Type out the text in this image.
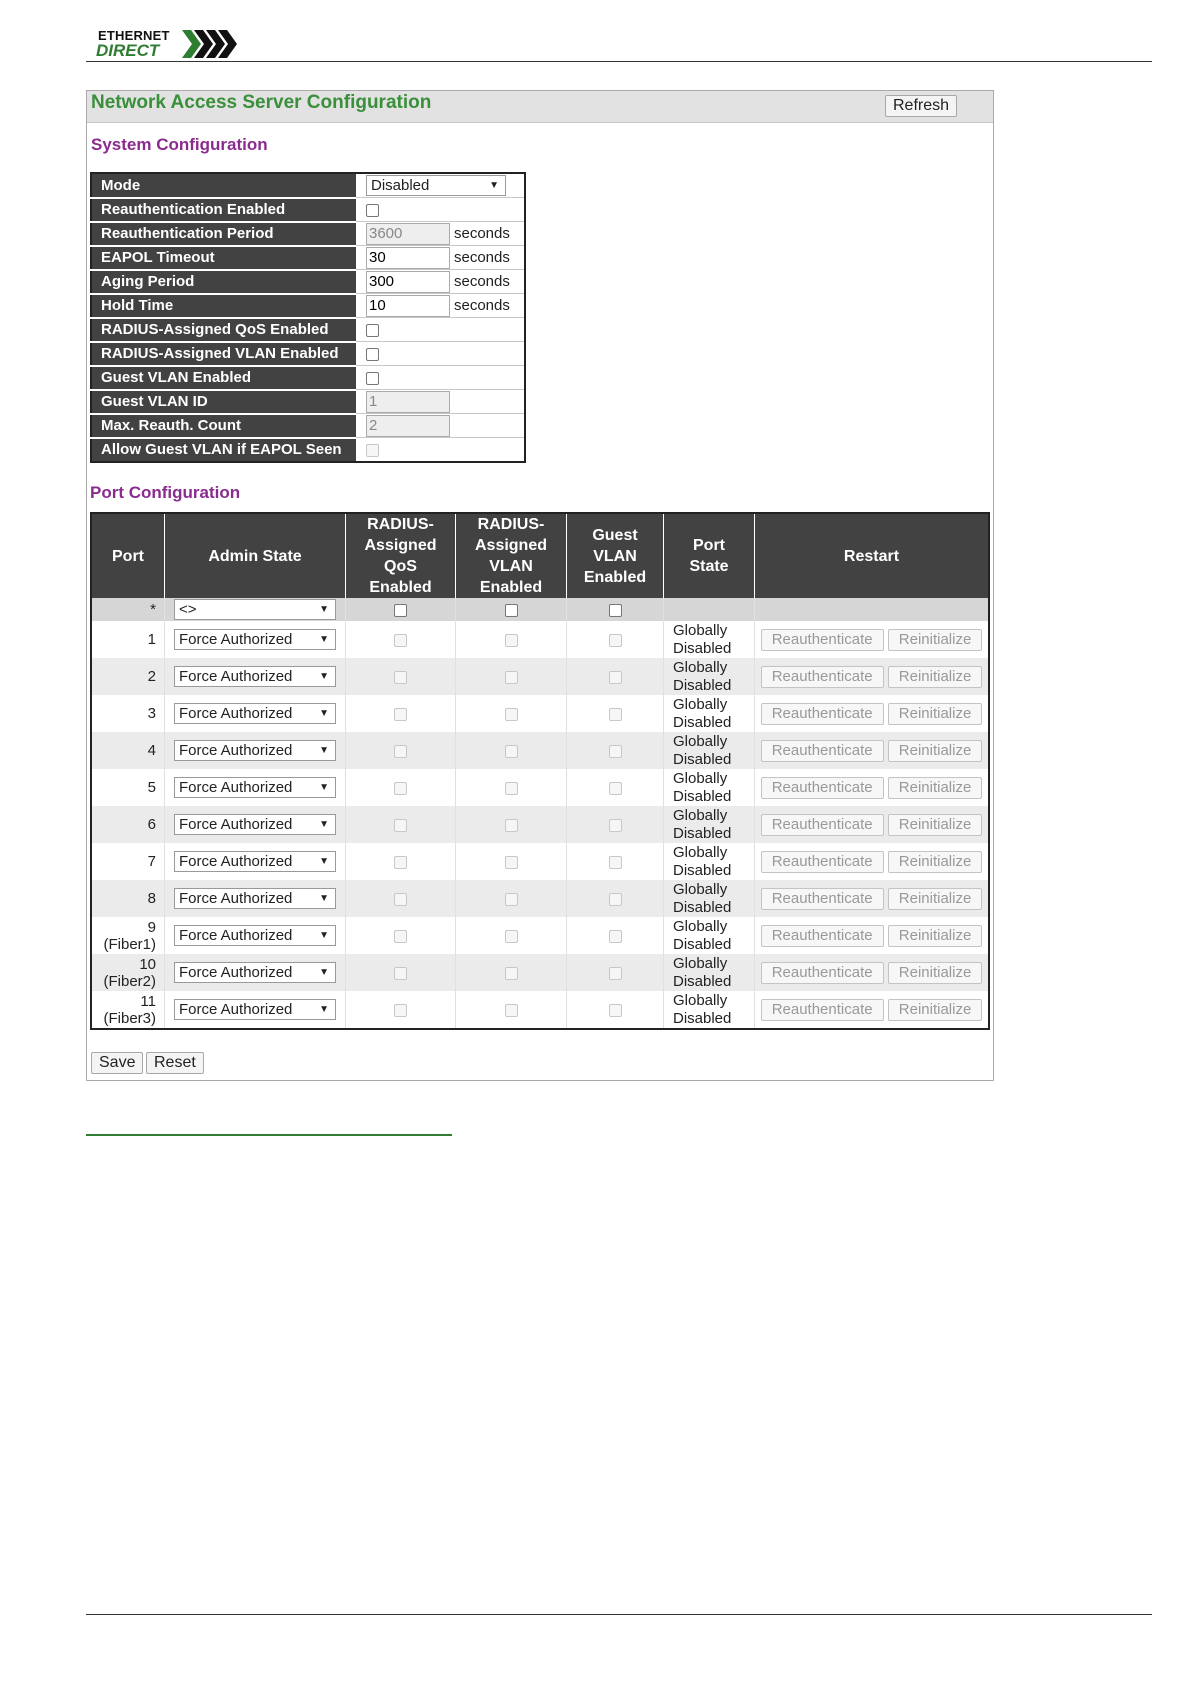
ETHERNET
DIRECT
Network Access Server Configuration	Refresh
System Configuration
Mode	Disabled ▼

Reauthentication Enabled	
Reauthentication Period	3600seconds
EAPOL Timeout	30seconds
Aging Period	300seconds
Hold Time	10seconds
RADIUS-Assigned QoS Enabled	
RADIUS-Assigned VLAN Enabled	
Guest VLAN Enabled	
Guest VLAN ID	1
Max. Reauth. Count	2
Allow Guest VLAN if EAPOL Seen	
Port Configuration
Port	Admin State	RADIUS-
Assigned
QoS
Enabled	RADIUS-
Assigned
VLAN
Enabled	Guest
VLAN
Enabled	Port
State	Restart
*	<> ▼					

1	Force Authorized ▼				Globally
Disabled	Reauthenticate Reinitialize
2	Force Authorized ▼				Globally
Disabled	Reauthenticate Reinitialize
3	Force Authorized ▼				Globally
Disabled	Reauthenticate Reinitialize
4	Force Authorized ▼				Globally
Disabled	Reauthenticate Reinitialize
5	Force Authorized ▼				Globally
Disabled	Reauthenticate Reinitialize
6	Force Authorized ▼				Globally
Disabled	Reauthenticate Reinitialize
7	Force Authorized ▼				Globally
Disabled	Reauthenticate Reinitialize
8	Force Authorized ▼				Globally
Disabled	Reauthenticate Reinitialize
9
(Fiber1)	Force Authorized ▼				Globally
Disabled	Reauthenticate Reinitialize
10
(Fiber2)	Force Authorized ▼				Globally
Disabled	Reauthenticate Reinitialize
11
(Fiber3)	Force Authorized ▼				Globally
Disabled	Reauthenticate Reinitialize
Save	Reset
